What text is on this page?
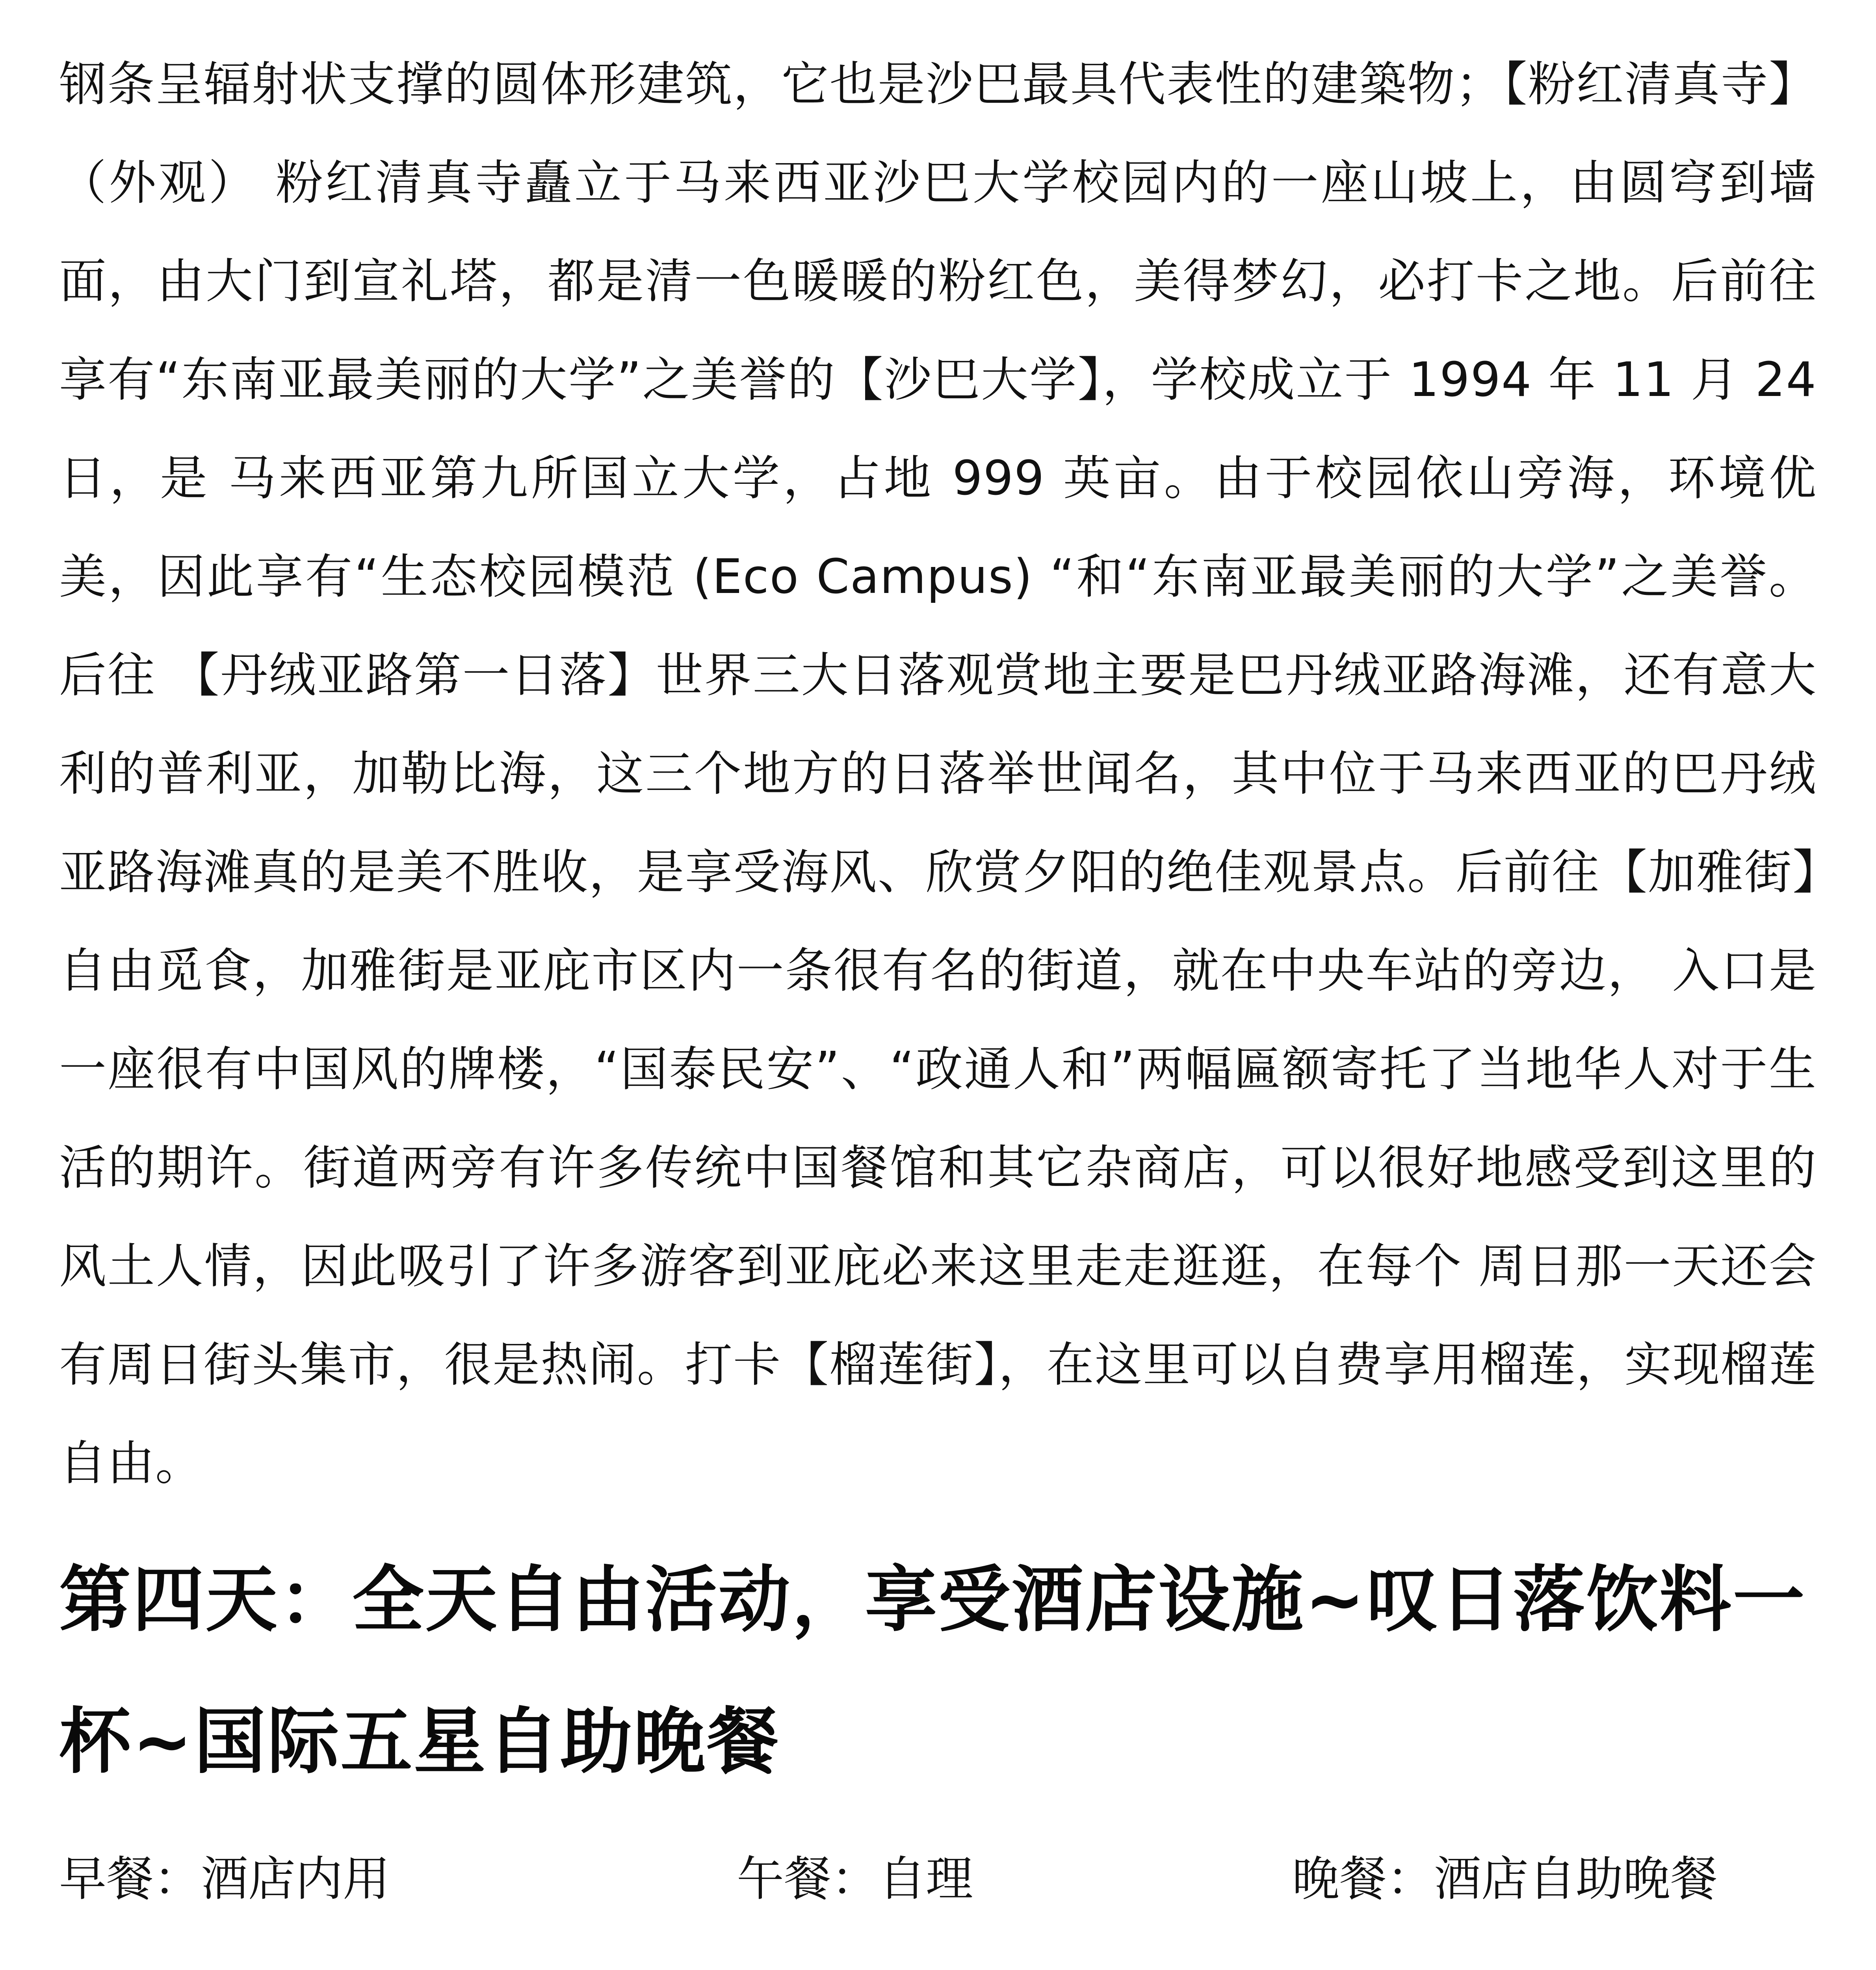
钢条呈辐射状支撑的圆体形建筑，它也是沙巴最具代表性的建築物；【粉红清真寺】（外观） 粉红清真寺矗立于马来西亚沙巴大学校园内的一座山坡上，由圆穹到墙面，由大门到宣礼塔，都是清一色暖暖的粉红色，美得梦幻，必打卡之地。后前往享有“东南亚最美丽的大学”之美誉的【沙巴大学】，学校成立于 1994 年 11 月 24 日，是 马来西亚第九所国立大学，占地 999 英亩。由于校园依山旁海，环境优美，因此享有“生态校园模范 (Eco Campus) “和“东南亚最美丽的大学”之美誉。后往 【丹绒亚路第一日落】世界三大日落观赏地主要是巴丹绒亚路海滩，还有意大利的普利亚，加勒比海，这三个地方的日落举世闻名，其中位于马来西亚的巴丹绒 亚路海滩真的是美不胜收，是享受海风、欣赏夕阳的绝佳观景点。后前往【加雅街】自由觅食，加雅街是亚庇市区内一条很有名的街道，就在中央车站的旁边， 入口是一座很有中国风的牌楼，“国泰民安”、“政通人和”两幅匾额寄托了当地华人对于生活的期许。街道两旁有许多传统中国餐馆和其它杂商店，可以很好地感受到这里的风土人情，因此吸引了许多游客到亚庇必来这里走走逛逛，在每个 周日那一天还会有周日街头集市，很是热闹。打卡【榴莲街】，在这里可以自费享用榴莲，实现榴莲自由。

第四天：全天自由活动，享受酒店设施~叹日落饮料一杯~国际五星自助晚餐
早餐：酒店内用	午餐：自理	晚餐：酒店自助晚餐
